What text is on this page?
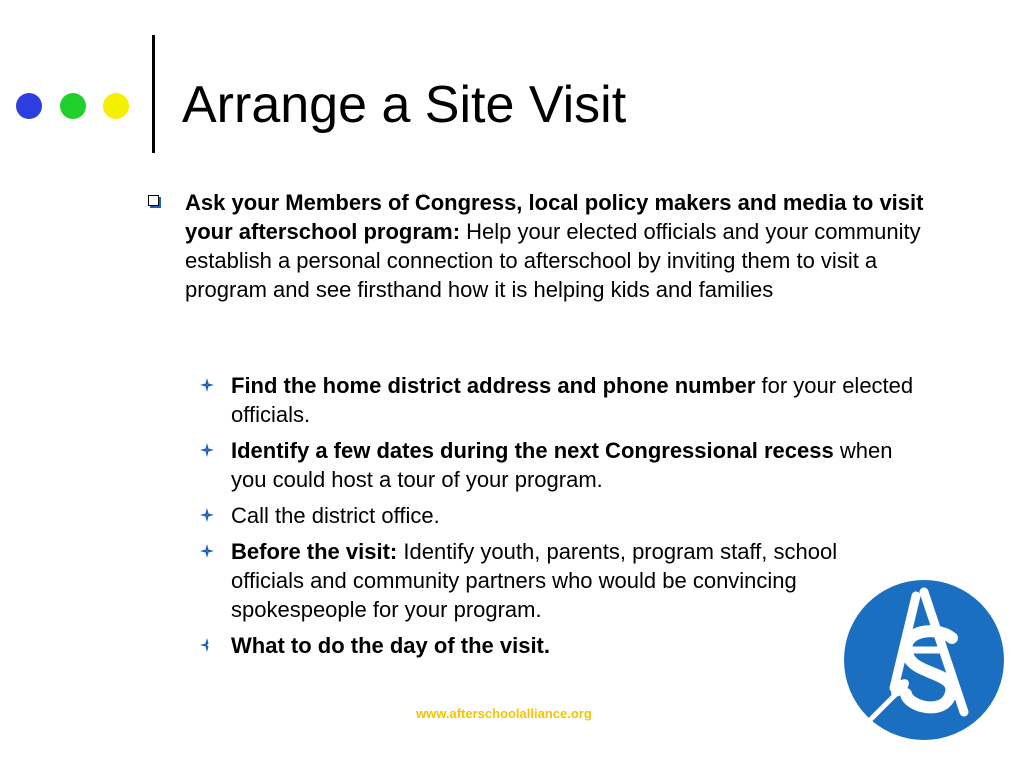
Arrange a Site Visit
Ask your Members of Congress, local policy makers and media to visit your afterschool program: Help your elected officials and your community establish a personal connection to afterschool by inviting them to visit a program and see firsthand how it is helping kids and families
Find the home district address and phone number for your elected officials.
Identify a few dates during the next Congressional recess when you could host a tour of your program.
Call the district office.
Before the visit: Identify youth, parents, program staff, school officials and community partners who would be convincing spokespeople for your program.
What to do the day of the visit.
www.afterschoolalliance.org
